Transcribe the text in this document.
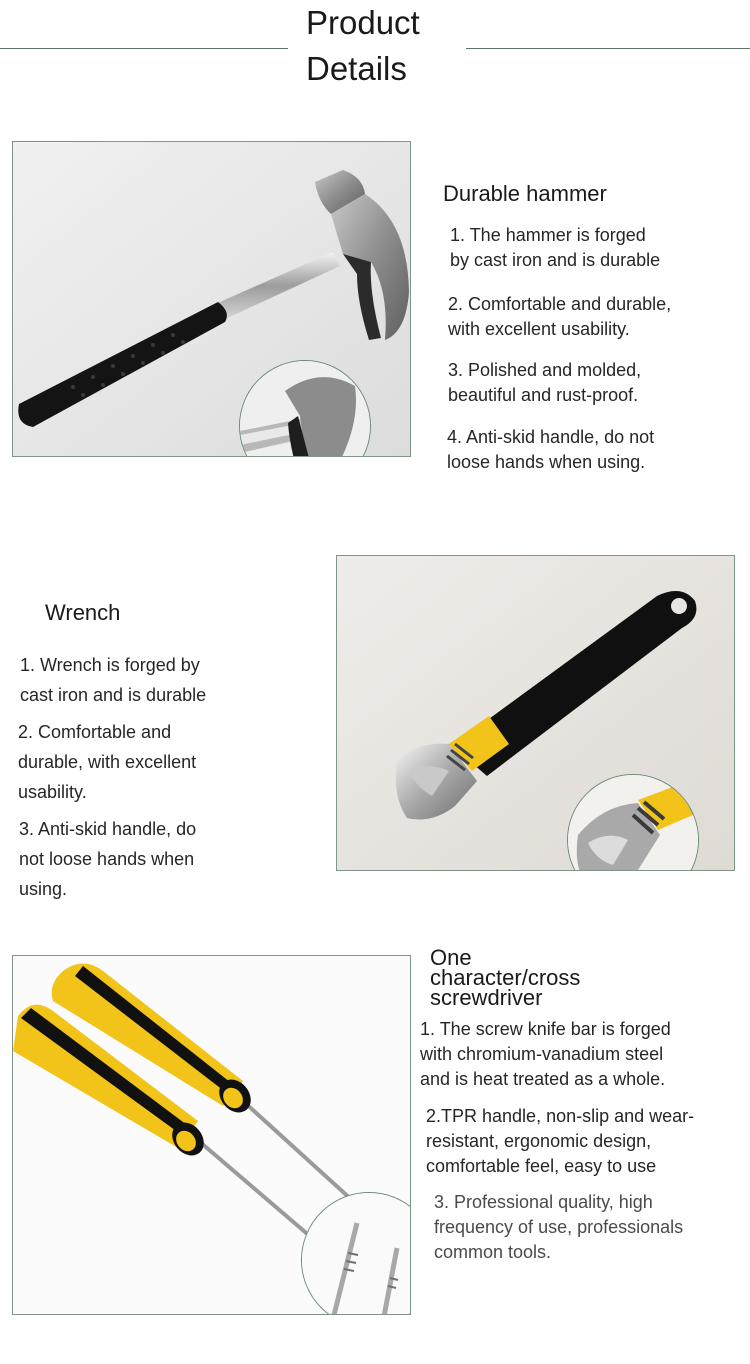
Product
Details
Durable hammer
1. The hammer is forged
by cast iron and is durable
2. Comfortable and durable,
with excellent usability.
3. Polished and molded,
beautiful and rust-proof.
4. Anti-skid handle, do not
loose hands when using.
Wrench
1. Wrench is forged by
cast iron and is durable
2. Comfortable and
durable, with excellent
usability.
3. Anti-skid handle, do
not loose hands when
using.
One
character/cross
screwdriver
1. The screw knife bar is forged
with chromium-vanadium steel
and is heat treated as a whole.
2.TPR handle, non-slip and wear-
resistant, ergonomic design,
comfortable feel, easy to use
3. Professional quality, high
frequency of use, professionals
common tools.
